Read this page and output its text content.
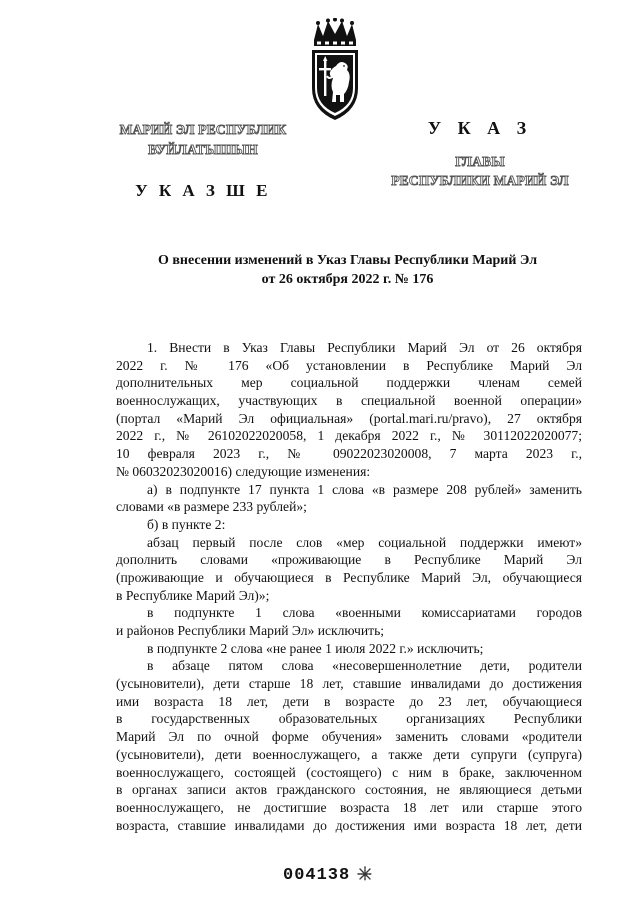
МАРИЙ ЭЛ РЕСПУБЛИК
ВУЙЛАТЫШЫН
У К А З Ш Е
У К А З
ГЛАВЫ
РЕСПУБЛИКИ МАРИЙ ЭЛ
О внесении изменений в Указ Главы Республики Марий Эл
от 26 октября 2022 г. № 176
1. Внести в Указ Главы Республики Марий Эл от 26 октября
2022 г. № 176 «Об установлении в Республике Марий Эл
дополнительных мер социальной поддержки членам семей
военнослужащих, участвующих в специальной военной операции»
(портал «Марий Эл официальная» (portal.mari.ru/pravo), 27 октября
2022 г., № 26102022020058, 1 декабря 2022 г., № 30112022020077;
10 февраля 2023 г., № 09022023020008, 7 марта 2023 г.,
№ 06032023020016) следующие изменения:
а) в подпункте 17 пункта 1 слова «в размере 208 рублей» заменить
словами «в размере 233 рублей»;
б) в пункте 2:
абзац первый после слов «мер социальной поддержки имеют»
дополнить словами «проживающие в Республике Марий Эл
(проживающие и обучающиеся в Республике Марий Эл, обучающиеся
в Республике Марий Эл)»;
в подпункте 1 слова «военными комиссариатами городов
и районов Республики Марий Эл» исключить;
в подпункте 2 слова «не ранее 1 июля 2022 г.» исключить;
в абзаце пятом слова «несовершеннолетние дети, родители
(усыновители), дети старше 18 лет, ставшие инвалидами до достижения
ими возраста 18 лет, дети в возрасте до 23 лет, обучающиеся
в государственных образовательных организациях Республики
Марий Эл по очной форме обучения» заменить словами «родители
(усыновители), дети военнослужащего, а также дети супруги (супруга)
военнослужащего, состоящей (состоящего) с ним в браке, заключенном
в органах записи актов гражданского состояния, не являющиеся детьми
военнослужащего, не достигшие возраста 18 лет или старше этого
возраста, ставшие инвалидами до достижения ими возраста 18 лет, дети
004138
